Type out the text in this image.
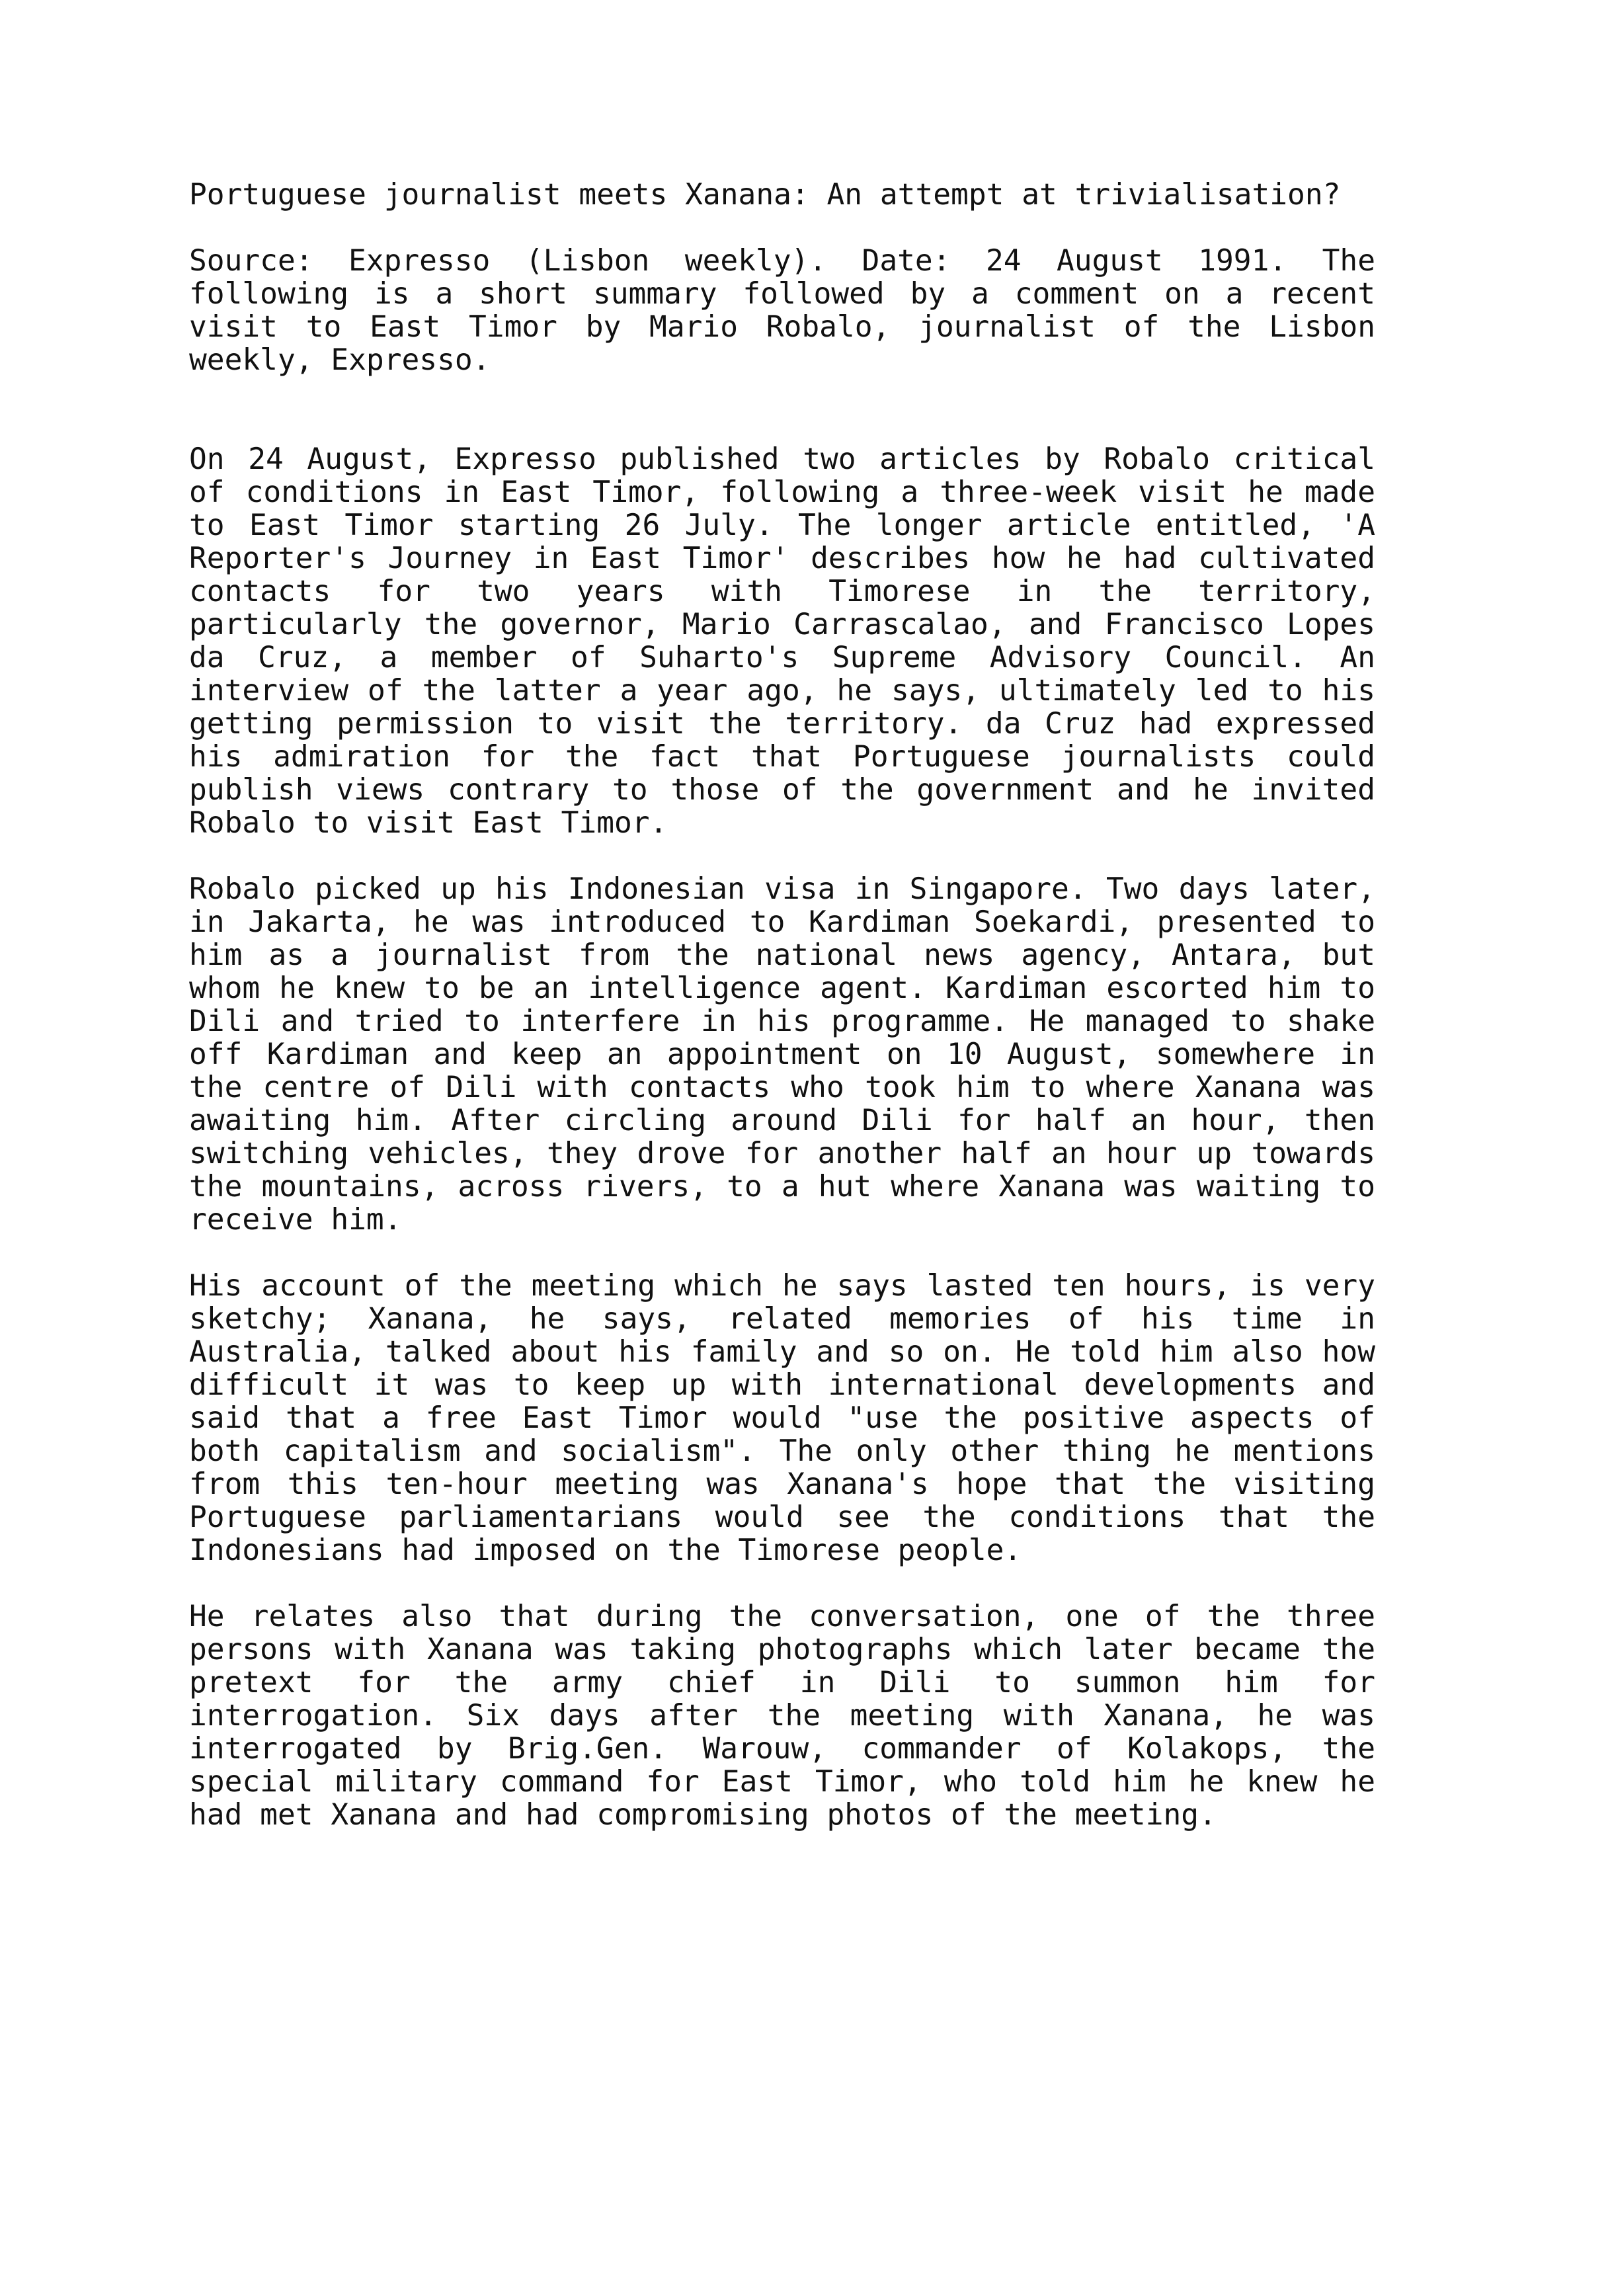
Portuguese journalist meets Xanana: An attempt at trivialisation?

Source: Expresso (Lisbon weekly). Date: 24 August 1991. The following is a short summary followed by a comment on a recent visit to East Timor by Mario Robalo, journalist of the Lisbon weekly, Expresso.

On 24 August, Expresso published two articles by Robalo critical of conditions in East Timor, following a three-week visit he made to East Timor starting 26 July. The longer article entitled, 'A Reporter's Journey in East Timor' describes how he had cultivated contacts for two years with Timorese in the territory, particularly the governor, Mario Carrascalao, and Francisco Lopes da Cruz, a member of Suharto's Supreme Advisory Council. An interview of the latter a year ago, he says, ultimately led to his getting permission to visit the territory. da Cruz had expressed his admiration for the fact that Portuguese journalists could publish views contrary to those of the government and he invited Robalo to visit East Timor.

Robalo picked up his Indonesian visa in Singapore. Two days later, in Jakarta, he was introduced to Kardiman Soekardi, presented to him as a journalist from the national news agency, Antara, but whom he knew to be an intelligence agent. Kardiman escorted him to Dili and tried to interfere in his programme. He managed to shake off Kardiman and keep an appointment on 10 August, somewhere in the centre of Dili with contacts who took him to where Xanana was awaiting him. After circling around Dili for half an hour, then switching vehicles, they drove for another half an hour up towards the mountains, across rivers, to a hut where Xanana was waiting to receive him.

His account of the meeting which he says lasted ten hours, is very sketchy; Xanana, he says, related memories of his time in Australia, talked about his family and so on. He told him also how difficult it was to keep up with international developments and said that a free East Timor would "use the positive aspects of both capitalism and socialism". The only other thing he mentions from this ten-hour meeting was Xanana's hope that the visiting Portuguese parliamentarians would see the conditions that the Indonesians had imposed on the Timorese people.

He relates also that during the conversation, one of the three persons with Xanana was taking photographs which later became the pretext for the army chief in Dili to summon him for interrogation. Six days after the meeting with Xanana, he was interrogated by Brig.Gen. Warouw, commander of Kolakops, the special military command for East Timor, who told him he knew he had met Xanana and had compromising photos of the meeting.
